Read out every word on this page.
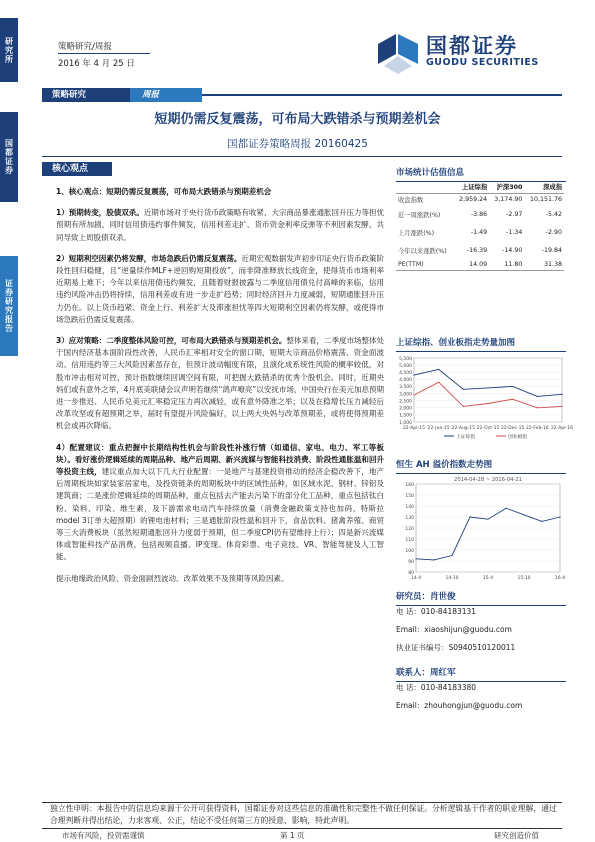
研究所
国都证券
证券研究报告
策略研究/周报
2016 年 4 月 25 日
国都证券
GUODU SECURITIES
策略研究	周报
短期仍需反复震荡，可布局大跌错杀与预期差机会
国都证券策略周报 20160425
核心观点

1、核心观点：短期仍需反复震荡，可布局大跌错杀与预期差机会

1）预期转变，股债双杀。近期市场对于央行货币政策略有收紧、大宗商品暴涨通胀回升压力等担忧预期有所加剧，同时信用债违约事件频发，信用利差走扩、货币资金利率反弹等不利因素发酵，共同导致上周股债双杀。

2）短期利空因素仍将发酵，市场急跌后仍需反复震荡。近期宏观数据发声初步印证央行货币政策阶段性回归稳健，且“逆量续作MLF+逆回购短期投放”，而非降准释放长线资金，使得货币市场利率近期易上难下；今年以来信用债违约频发，且随着财报披露与二季度信用债兑付高峰的来临，信用违约风险冲击仍将持续，信用利差或有进一步走扩趋势；同时经济回升力度减弱，短期通胀回升压力仍在。以上货币趋紧、资金上行、利差扩大及滞涨担忧等四大短期利空因素仍将发酵，或使得市场急跌后仍需反复震荡。

3）应对策略：二季度整体风险可控，可布局大跌错杀与预期差机会。整体来看，二季度市场整体处于国内经济基本面阶段性改善，人民币汇率相对安全的窗口期，短期大宗商品价格震荡、资金面波动、信用违约等三大风险因素虽存在，但预计波动幅度有限，且演化成系统性风险的概率较低，对股市冲击相对可控，预计指数继续回调空间有限，可把握大跌错杀的优秀个股机会。同时，近期央妈们或有意外之举，4月底美联储会议声明若继续“鸽声嘹亮”以安抚市场，中国央行在美元加息预期进一步推迟、人民币兑美元汇率稳定压力再次减轻，或有意外降准之举；以及在稳增长压力减轻后改革攻坚或有超预期之举，届时有望提升风险偏好，以上两大央妈与改革预期差，或将使得预期差机会或再次降临。

4）配置建议：重点把握中长期结构性机会与阶段性补涨行情（如通信、家电、电力、军工等板块）。看好涨价逻辑延续的周期品种、地产后周期、新兴流媒与智能科技消费、阶段性通胀温和回升等投资主线，建议重点加大以下几大行业配置：一是地产与基建投资推动的经济企稳改善下，地产后周期板块如家装家居家电，及投资链条的周期板块中的区域性品种，如区域水泥、钢材、锌铝及建筑商；二是涨价逻辑延续的周期品种，重点包括去产能去污染下的部分化工品种，重点包括钛白粉、染料、印染、维生素，及下游需求电动汽车持续放量（消费金融政策支持也加码、特斯拉model 3订单大超预期）的锂电池材料；三是通胀阶段性温和回升下，食品饮料、猪禽养殖、商贸等三大消费板块（虽然短期通胀回升力度弱于预期，但二季度CPI仍有望维持上行）；四是新兴流媒体或智能科技产品消费，包括视频直播、IP变现、体育彩票、电子竞技、VR、智能驾驶及人工智能。

提示地缘政治风险、资金面剧烈波动、改革效果不及预期等风险因素。

市场统计估值信息
	上证综指	沪深300	深成指
收盘指数	2,959.24	3,174.90	10,151.76
近一周涨跌(%)	-3.86	-2.97	-5.42
上月涨跌(%)	-1.49	-1.34	-2.90
今年以来涨跌(%)	-16.39	-14.90	-19.84
PE(TTM)	14.09	11.80	31.38
上证综指、创业板指走势量加图
5,500
5,000
4,500
4,000
3,500
3,000
2,500
2,000
1,500
1,000
22-Apr-15 22-Jun-15 22-Aug-15 22-Oct-15 22-Dec-15 22-Feb-16 22-Apr-16
上证综指	创业板指
恒生 AH 溢价指数走势图
160
150
140
130
120
110
100
90
80
14-4	14-10	15-4	15-10	16-4
2014-04-28 ~ 2016-04-21
研究员：肖世俊
电 话：010-84183131
Email：xiaoshijun@guodu.com
执业证书编号：S0940510120011
联系人：周红军
电 话：010-84183380
Email：zhouhongjun@guodu.com
独立性申明：本报告中的信息均来源于公开可获得资料，国都证券对这些信息的准确性和完整性不做任何保证。分析逻辑基于作者的职业理解，通过合理判断并得出结论，力求客观、公正，结论不受任何第三方的授意、影响，特此声明。
市场有风险，投资需谨慎	第 1 页	研究创造价值
